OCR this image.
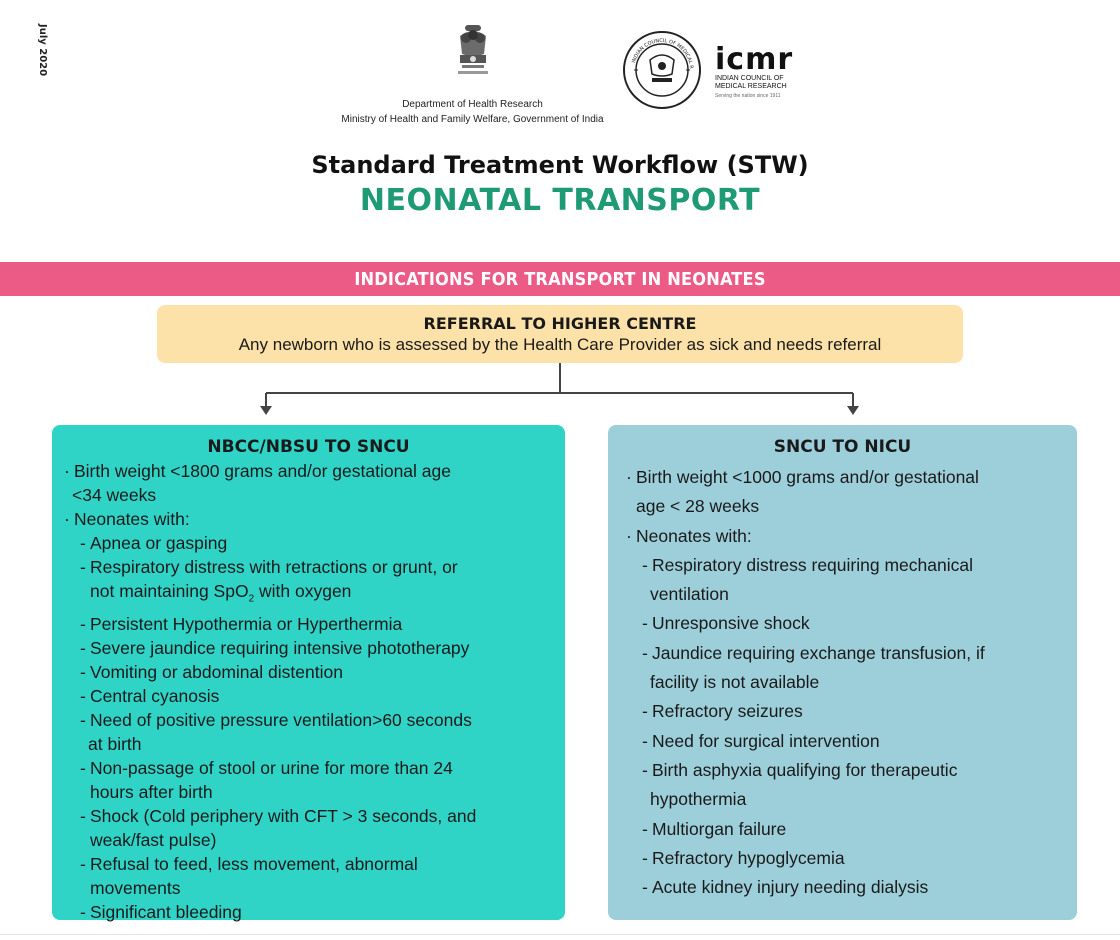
July 2020
Department of Health Research
Ministry of Health and Family Welfare, Government of India
INDIAN COUNCIL OF MEDICAL R icmr
INDIAN COUNCIL OF
MEDICAL RESEARCH
Serving the nation since 1911
Standard Treatment Workflow (STW)
NEONATAL TRANSPORT
INDICATIONS FOR TRANSPORT IN NEONATES
REFERRAL TO HIGHER CENTRE
Any newborn who is assessed by the Health Care Provider as sick and needs referral
NBCC/NBSU TO SNCU
· Birth weight <1800 grams and/or gestational age
<34 weeks
· Neonates with:
- Apnea or gasping
- Respiratory distress with retractions or grunt, or
not maintaining SpO$_2$ with oxygen
- Persistent Hypothermia or Hyperthermia
- Severe jaundice requiring intensive phototherapy
- Vomiting or abdominal distention
- Central cyanosis
- Need of positive pressure ventilation>60 seconds
at birth
- Non-passage of stool or urine for more than 24
hours after birth
- Shock (Cold periphery with CFT > 3 seconds, and
weak/fast pulse)
- Refusal to feed, less movement, abnormal
movements
- Significant bleeding
SNCU TO NICU
· Birth weight <1000 grams and/or gestational
age < 28 weeks
· Neonates with:
- Respiratory distress requiring mechanical
ventilation
- Unresponsive shock
- Jaundice requiring exchange transfusion, if
facility is not available
- Refractory seizures
- Need for surgical intervention
- Birth asphyxia qualifying for therapeutic
hypothermia
- Multiorgan failure
- Refractory hypoglycemia
- Acute kidney injury needing dialysis
